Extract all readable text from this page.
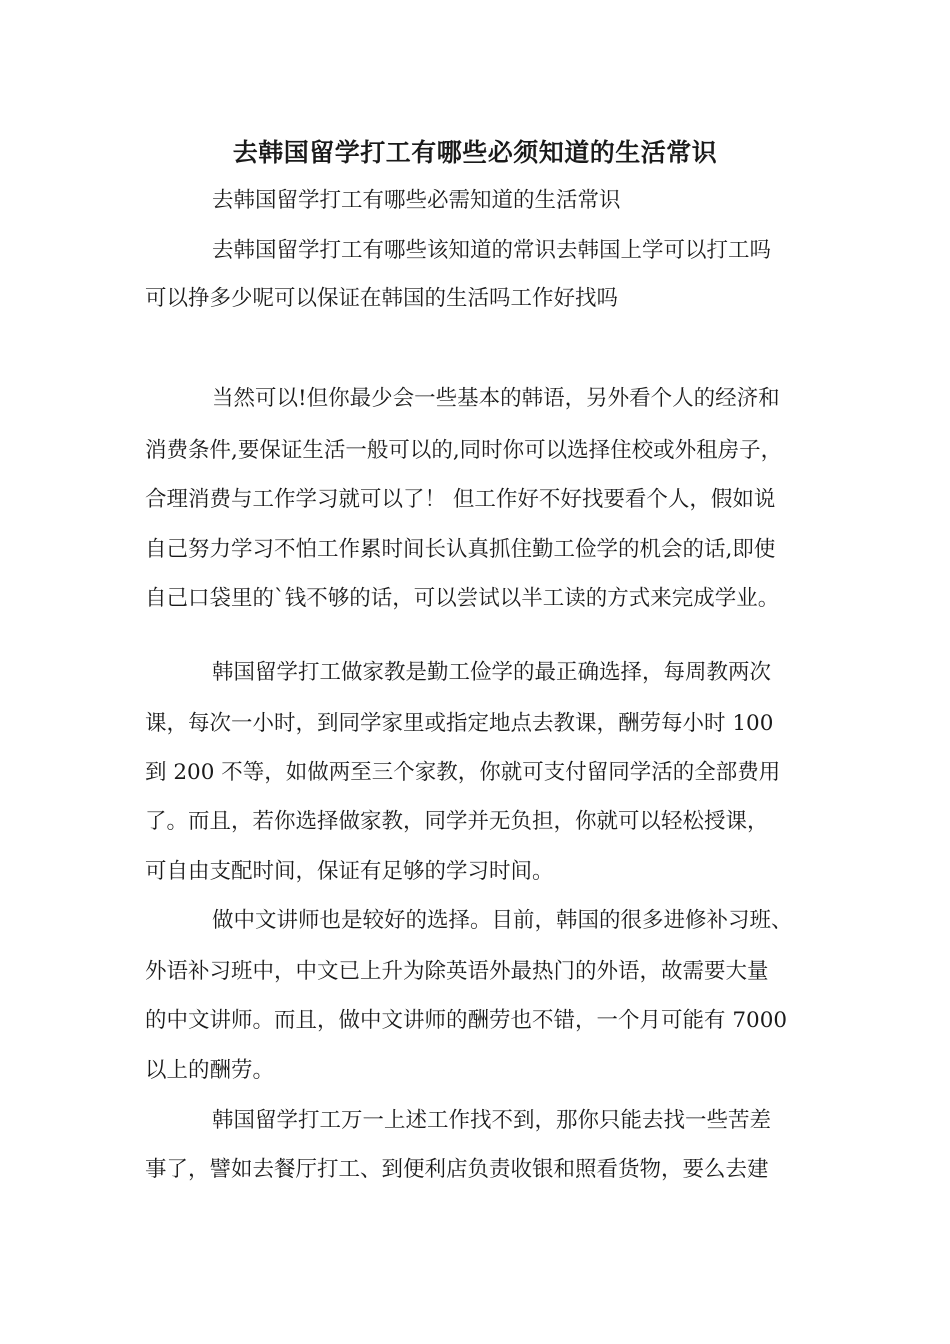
去韩国留学打工有哪些必须知道的生活常识
去韩国留学打工有哪些必需知道的生活常识
去韩国留学打工有哪些该知道的常识去韩国上学可以打工吗
可以挣多少呢可以保证在韩国的生活吗工作好找吗
当然可以!但你最少会一些基本的韩语，另外看个人的经济和
消费条件,要保证生活一般可以的,同时你可以选择住校或外租房子，
合理消费与工作学习就可以了！ 但工作好不好找要看个人，假如说
自己努力学习不怕工作累时间长认真抓住勤工俭学的机会的话,即使
自己口袋里的`钱不够的话，可以尝试以半工读的方式来完成学业。
韩国留学打工做家教是勤工俭学的最正确选择，每周教两次
课，每次一小时，到同学家里或指定地点去教课，酬劳每小时 100
到 200 不等，如做两至三个家教，你就可支付留同学活的全部费用
了。而且，若你选择做家教，同学并无负担，你就可以轻松授课，
可自由支配时间，保证有足够的学习时间。
做中文讲师也是较好的选择。目前，韩国的很多进修补习班、
外语补习班中，中文已上升为除英语外最热门的外语，故需要大量
的中文讲师。而且，做中文讲师的酬劳也不错，一个月可能有 7000
以上的酬劳。
韩国留学打工万一上述工作找不到，那你只能去找一些苦差
事了，譬如去餐厅打工、到便利店负责收银和照看货物，要么去建
